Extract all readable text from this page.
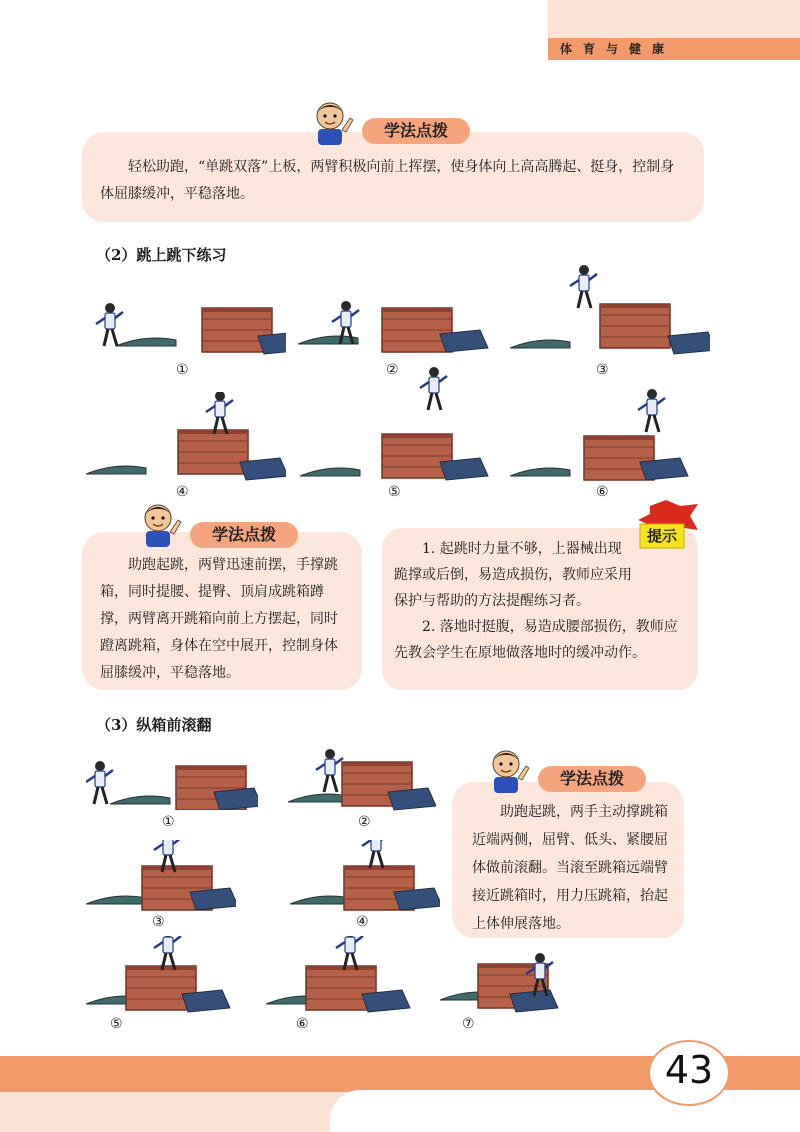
体育与健康

轻松助跑，“单跳双落”上板，两臂积极向前上挥摆，使身体向上高高腾起、挺身，控制身体屈膝缓冲，平稳落地。

学法点拨
（2）跳上跳下练习
①	②	③
④	⑤	⑥

助跑起跳，两臂迅速前摆，手撑跳箱，同时提腰、提臀、顶肩成跳箱蹲撑，两臂离开跳箱向前上方摆起，同时蹬离跳箱，身体在空中展开，控制身体屈膝缓冲，平稳落地。

学法点拨

1. 起跳时力量不够，上器械出现跪撑或后倒，易造成损伤，教师应采用保护与帮助的方法提醒练习者。

2. 落地时挺腹，易造成腰部损伤，教师应先教会学生在原地做落地时的缓冲动作。

提示
（3）纵箱前滚翻
①	②
③	④
⑤	⑥	⑦

助跑起跳，两手主动撑跳箱近端两侧，屈臂、低头、紧腰屈体做前滚翻。当滚至跳箱远端臂接近跳箱时，用力压跳箱，抬起上体伸展落地。

学法点拨
43
